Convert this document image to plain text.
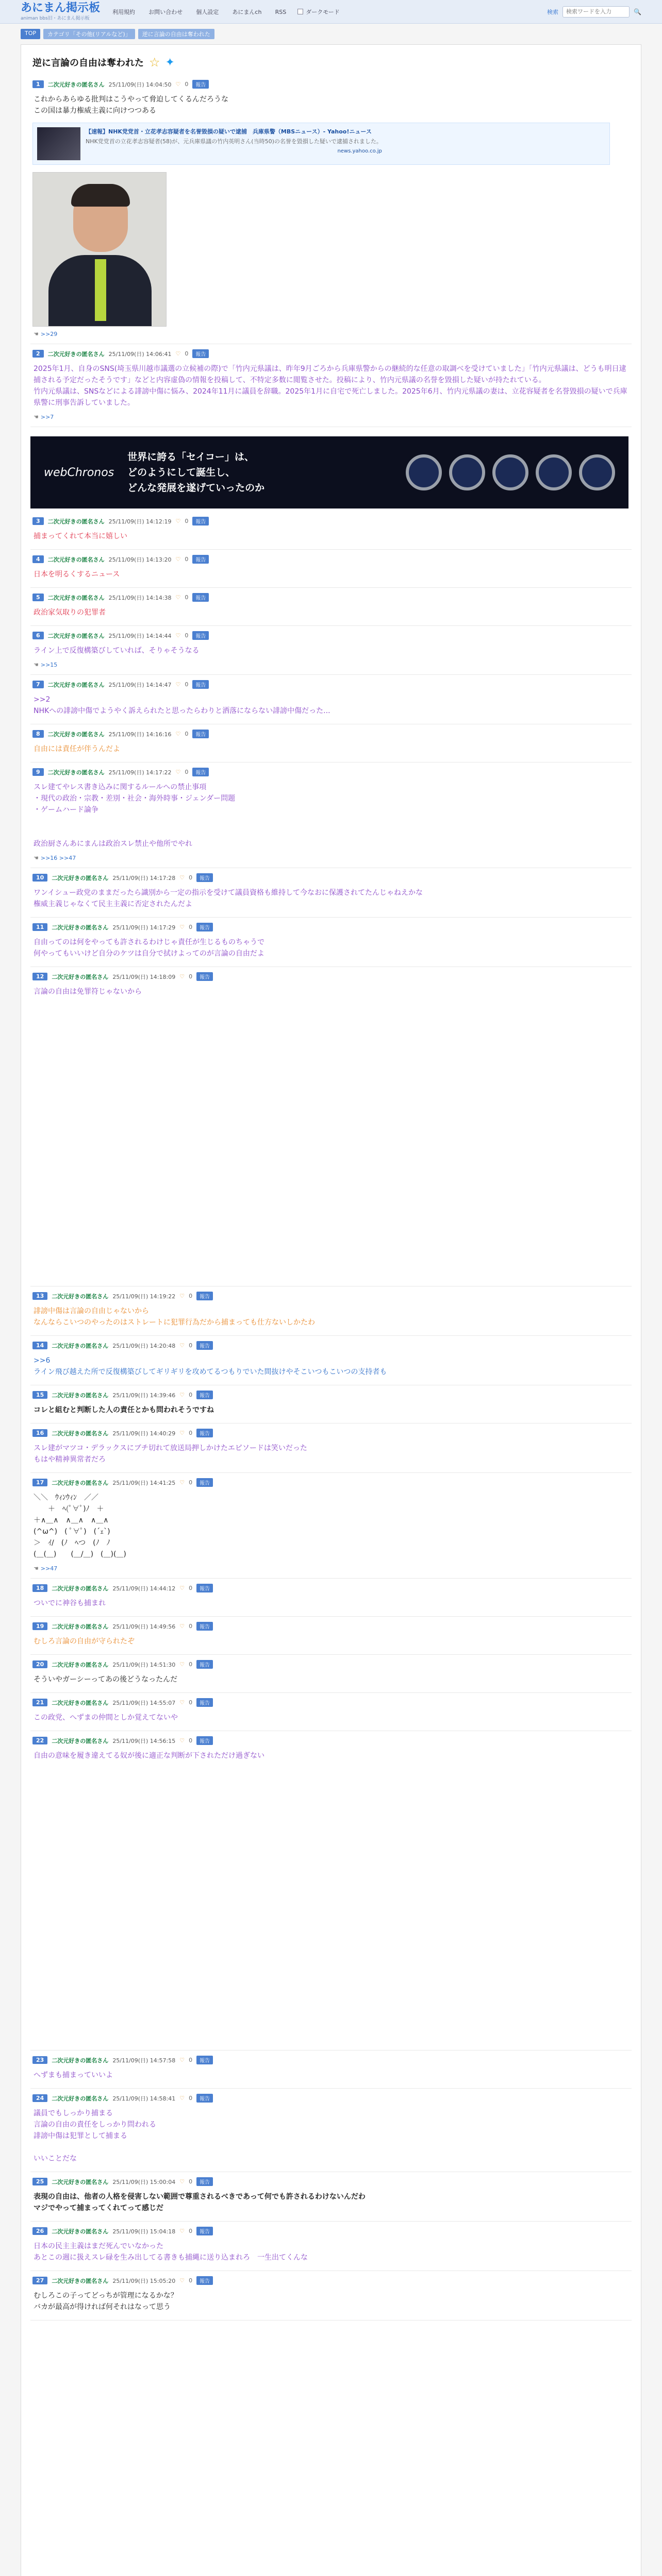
あにまん掲示板
animan bbs旧・あにまん掲示板
利用規約 お問い合わせ 個人設定 あにまんch RSS	ダークモード	検索
検索ワードを入力	🔍
TOP	カテゴリ「その他(リアルなど)」	逆に言論の自由は奪われた
逆に言論の自由は奪われた ☆ ✦
1	二次元好きの匿名さん 25/11/09(日) 14:04:50 ♡ 0	報告
これからあらゆる批判はこうやって脅迫してくるんだろうな
この国は暴力権威主義に向けつつある
【速報】NHK党党首・立花孝志容疑者を名誉毀損の疑いで逮捕　兵庫県警（MBSニュース）- Yahoo!ニュース
NHK党党首の立花孝志容疑者(58)が、元兵庫県議の竹内英明さん(当時50)の名誉を毀損した疑いで逮捕されました。
news.yahoo.co.jp
☚ >>29
2	二次元好きの匿名さん 25/11/09(日) 14:06:41 ♡ 0	報告
2025年1月、自身のSNS(埼玉県川越市議選の立候補の際)で「竹内元県議は、昨年9月ごろから兵庫県警からの継続的な任意の取調べを受けていました」「竹内元県議は、どうも明日逮捕される予定だったそうです」などと内容虚偽の情報を投稿して、不特定多数に閲覧させた。投稿により、竹内元県議の名誉を毀損した疑いが持たれている。
竹内元県議は、SNSなどによる誹謗中傷に悩み、2024年11月に議員を辞職。2025年1月に自宅で死亡しました。2025年6月、竹内元県議の妻は、立花容疑者を名誉毀損の疑いで兵庫県警に刑事告訴していました。
☚ >>7
webChronos
世界に誇る「セイコー」は、
どのようにして誕生し、
どんな発展を遂げていったのか
3	二次元好きの匿名さん 25/11/09(日) 14:12:19 ♡ 0	報告
捕まってくれて本当に嬉しい
4	二次元好きの匿名さん 25/11/09(日) 14:13:20 ♡ 0	報告
日本を明るくするニュース
5	二次元好きの匿名さん 25/11/09(日) 14:14:38 ♡ 0	報告
政治家気取りの犯罪者
6	二次元好きの匿名さん 25/11/09(日) 14:14:44 ♡ 0	報告
ライン上で反復構築びしていれば、そりゃそうなる
☚ >>15
7	二次元好きの匿名さん 25/11/09(日) 14:14:47 ♡ 0	報告
>>2
NHKへの誹謗中傷でようやく訴えられたと思ったらわりと洒落にならない誹謗中傷だった...
8	二次元好きの匿名さん 25/11/09(日) 14:16:16 ♡ 0	報告
自由には責任が伴うんだよ
9	二次元好きの匿名さん 25/11/09(日) 14:17:22 ♡ 0	報告
スレ建てやレス書き込みに関するルールへの禁止事項
・現代の政治・宗教・差別・社会・海外時事・ジェンダー問題
・ゲームハード論争

政治厨さんあにまんは政治スレ禁止や他所でやれ
☚ >>16 >>47
10	二次元好きの匿名さん 25/11/09(日) 14:17:28 ♡ 0	報告
ワンイシュー政党のままだったら識別から一定の指示を受けて議員資格も維持して今なおに保護されてたんじゃねえかな
権威主義じゃなくて民主主義に否定されたんだよ
11	二次元好きの匿名さん 25/11/09(日) 14:17:29 ♡ 0	報告
自由ってのは何をやっても許されるわけじゃ責任が生じるものちゃうで
何やってもいいけど自分のケツは自分で拭けよってのが言論の自由だよ
12	二次元好きの匿名さん 25/11/09(日) 14:18:09 ♡ 0	報告
言論の自由は免罪符じゃないから
13	二次元好きの匿名さん 25/11/09(日) 14:19:22 ♡ 0	報告
誹謗中傷は言論の自由じゃないから
なんならこいつのやったのはストレートに犯罪行為だから捕まっても仕方ないしかたわ
14	二次元好きの匿名さん 25/11/09(日) 14:20:48 ♡ 0	報告
>>6
ライン飛び越えた所で反復構築びしてギリギリを攻めてるつもりでいた間抜けやそこいつもこいつの支持者も
15	二次元好きの匿名さん 25/11/09(日) 14:39:46 ♡ 0	報告
コレと組むと判断した人の責任とかも問われそうですね
16	二次元好きの匿名さん 25/11/09(日) 14:40:29 ♡ 0	報告
スレ建がマツコ・デラックスにブチ切れて放送局押しかけたエピソードは笑いだった
もはや精神異常者だろ
17	二次元好きの匿名さん 25/11/09(日) 14:41:25 ♡ 0	報告
＼＼　ｳｨﾝｳｨﾝ　／／
　　＋　ﾍ(ﾟ∀ﾟ)ﾉ　＋
＋∧＿∧　∧＿∧　∧＿∧
(^ω^)　( ﾟ∀ﾟ)　(´ｪ`)
＞　ｲ/　(ﾉ　ﾍつ　(ﾉ　ﾉ
(＿(＿)　　(＿/＿)　(＿)(＿)
☚ >>47
18	二次元好きの匿名さん 25/11/09(日) 14:44:12 ♡ 0	報告
ついでに神谷も捕まれ
19	二次元好きの匿名さん 25/11/09(日) 14:49:56 ♡ 0	報告
むしろ言論の自由が守られたぞ
20	二次元好きの匿名さん 25/11/09(日) 14:51:30 ♡ 0	報告
そういやガーシーってあの後どうなったんだ
21	二次元好きの匿名さん 25/11/09(日) 14:55:07 ♡ 0	報告
この政党、へずまの仲間としか覚えてないや
22	二次元好きの匿名さん 25/11/09(日) 14:56:15 ♡ 0	報告
自由の意味を履き違えてる奴が後に適正な判断が下されただけ過ぎない
23	二次元好きの匿名さん 25/11/09(日) 14:57:58 ♡ 0	報告
へずまも捕まっていいよ
24	二次元好きの匿名さん 25/11/09(日) 14:58:41 ♡ 0	報告
議員でもしっかり捕まる
言論の自由の責任をしっかり問われる
誹謗中傷は犯罪として捕まる

いいことだな
25	二次元好きの匿名さん 25/11/09(日) 15:00:04 ♡ 0	報告
表現の自由は、他者の人格を侵害しない範囲で尊重されるべきであって何でも許されるわけないんだわ
マジでやって捕まってくれてって感じだ
26	二次元好きの匿名さん 25/11/09(日) 15:04:18 ♡ 0	報告
日本の民主主義はまだ死んでいなかった
あとこの週に扱えスレ碌を生み出してる書きも捕縄に送り込まれろ　一生出てくんな
27	二次元好きの匿名さん 25/11/09(日) 15:05:20 ♡ 0	報告
むしろこの子ってどっちが管理になるかな？
バカが最高が得ければ何それはなって思う
